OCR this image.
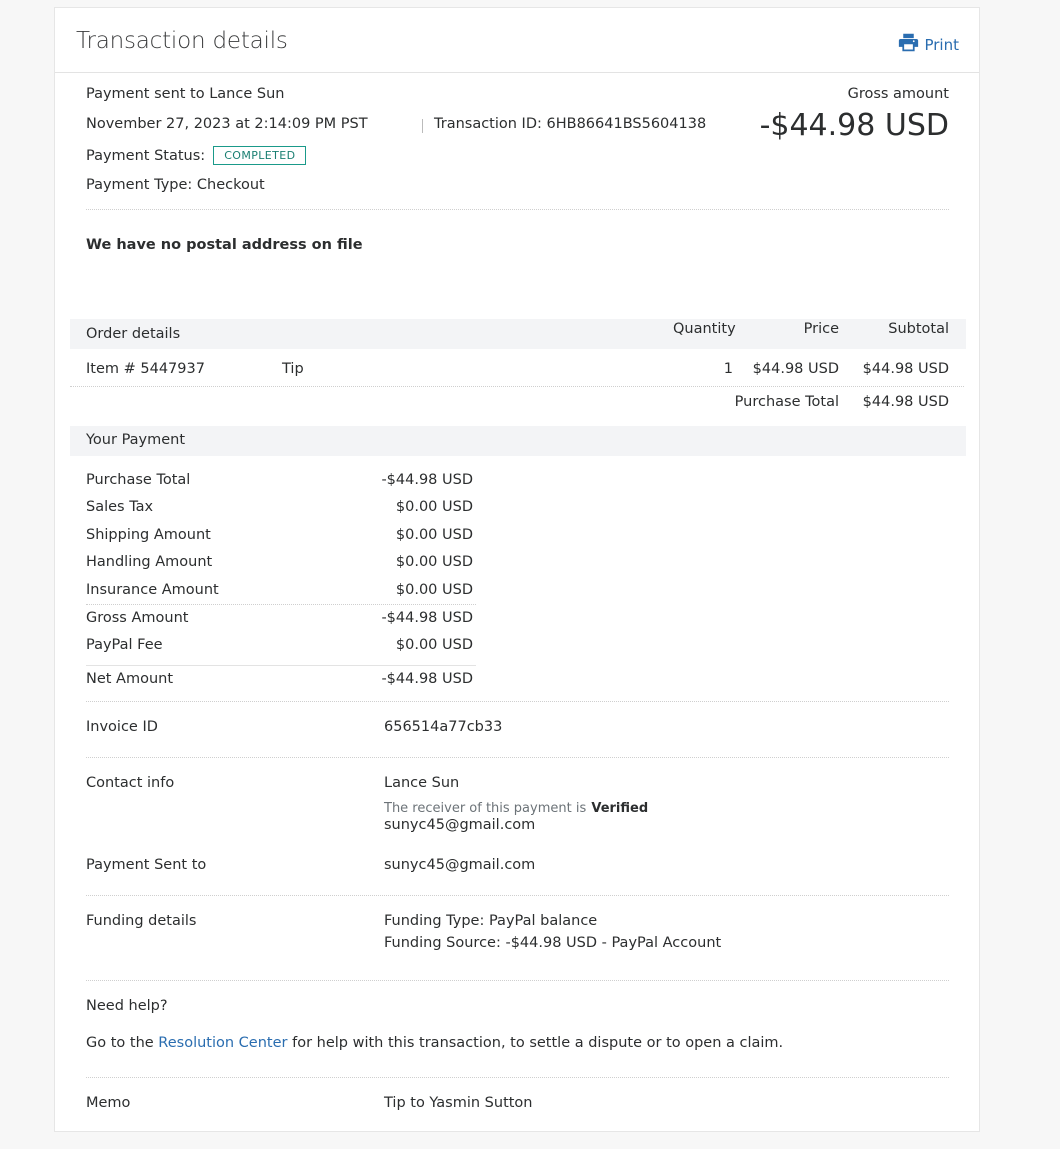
Transaction details	Print
Payment sent to Lance Sun
November 27, 2023 at 2:14:09 PM PST	Transaction ID: 6HB86641BS5604138
Payment Status: COMPLETED
Payment Type: Checkout
Gross amount
-$44.98 USD
We have no postal address on file
Order details	Quantity	Price	Subtotal
Item # 5447937	Tip	1 $44.98 USD $44.98 USD
Purchase Total $44.98 USD
Your Payment
Purchase Total	-$44.98 USD
Sales Tax	$0.00 USD
Shipping Amount	$0.00 USD
Handling Amount	$0.00 USD
Insurance Amount	$0.00 USD
Gross Amount	-$44.98 USD
PayPal Fee	$0.00 USD
Net Amount	-$44.98 USD
Invoice ID	656514a77cb33
Contact info	Lance Sun
The receiver of this payment is Verified
sunyc45@gmail.com
Payment Sent to	sunyc45@gmail.com
Funding details	Funding Type: PayPal balance
Funding Source: -$44.98 USD - PayPal Account
Need help?
Go to the Resolution Center for help with this transaction, to settle a dispute or to open a claim.
Memo	Tip to Yasmin Sutton
